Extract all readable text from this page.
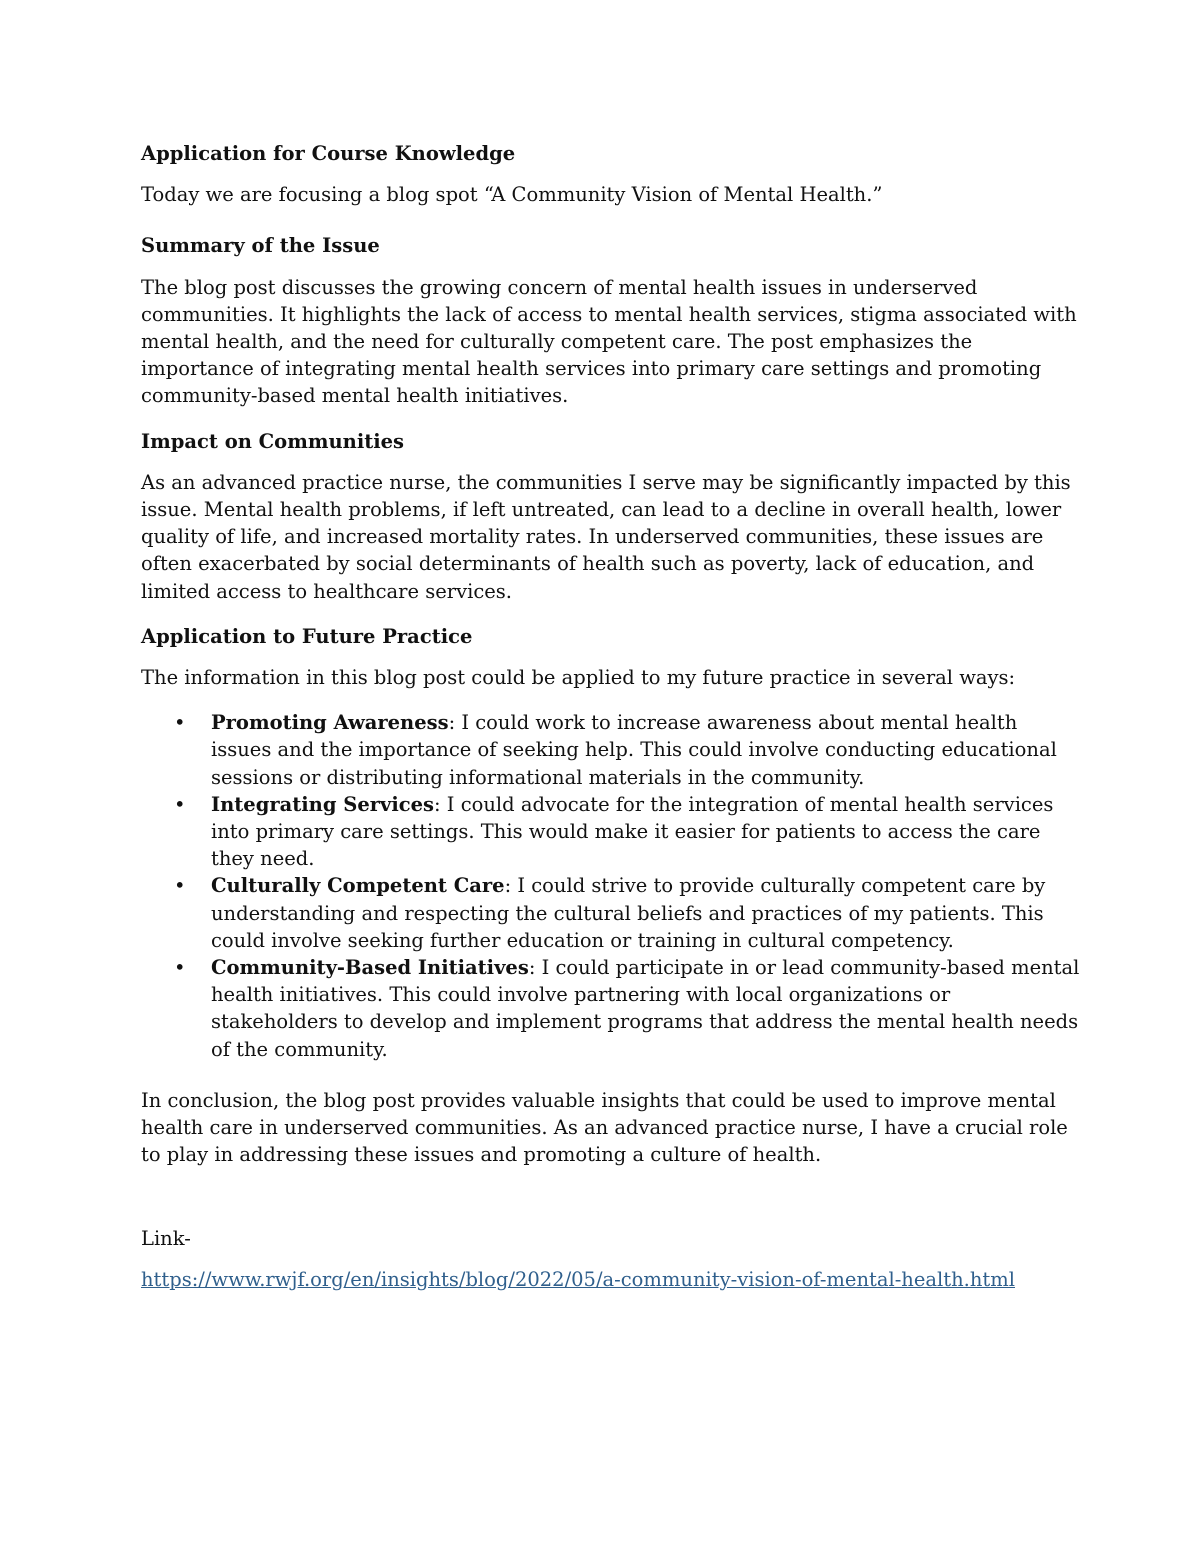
Application for Course Knowledge

Today we are focusing a blog spot “A Community Vision of Mental Health.”

Summary of the Issue

The blog post discusses the growing concern of mental health issues in underserved communities. It highlights the lack of access to mental health services, stigma associated with mental health, and the need for culturally competent care. The post emphasizes the importance of integrating mental health services into primary care settings and promoting community-based mental health initiatives.

Impact on Communities

As an advanced practice nurse, the communities I serve may be significantly impacted by this issue. Mental health problems, if left untreated, can lead to a decline in overall health, lower quality of life, and increased mortality rates. In underserved communities, these issues are often exacerbated by social determinants of health such as poverty, lack of education, and limited access to healthcare services.

Application to Future Practice

The information in this blog post could be applied to my future practice in several ways:

• Promoting Awareness: I could work to increase awareness about mental health issues and the importance of seeking help. This could involve conducting educational sessions or distributing informational materials in the community.
• Integrating Services: I could advocate for the integration of mental health services into primary care settings. This would make it easier for patients to access the care they need.
• Culturally Competent Care: I could strive to provide culturally competent care by understanding and respecting the cultural beliefs and practices of my patients. This could involve seeking further education or training in cultural competency.
• Community-Based Initiatives: I could participate in or lead community-based mental health initiatives. This could involve partnering with local organizations or stakeholders to develop and implement programs that address the mental health needs of the community.

In conclusion, the blog post provides valuable insights that could be used to improve mental health care in underserved communities. As an advanced practice nurse, I have a crucial role to play in addressing these issues and promoting a culture of health.

Link-
https://www.rwjf.org/en/insights/blog/2022/05/a-community-vision-of-mental-health.html
